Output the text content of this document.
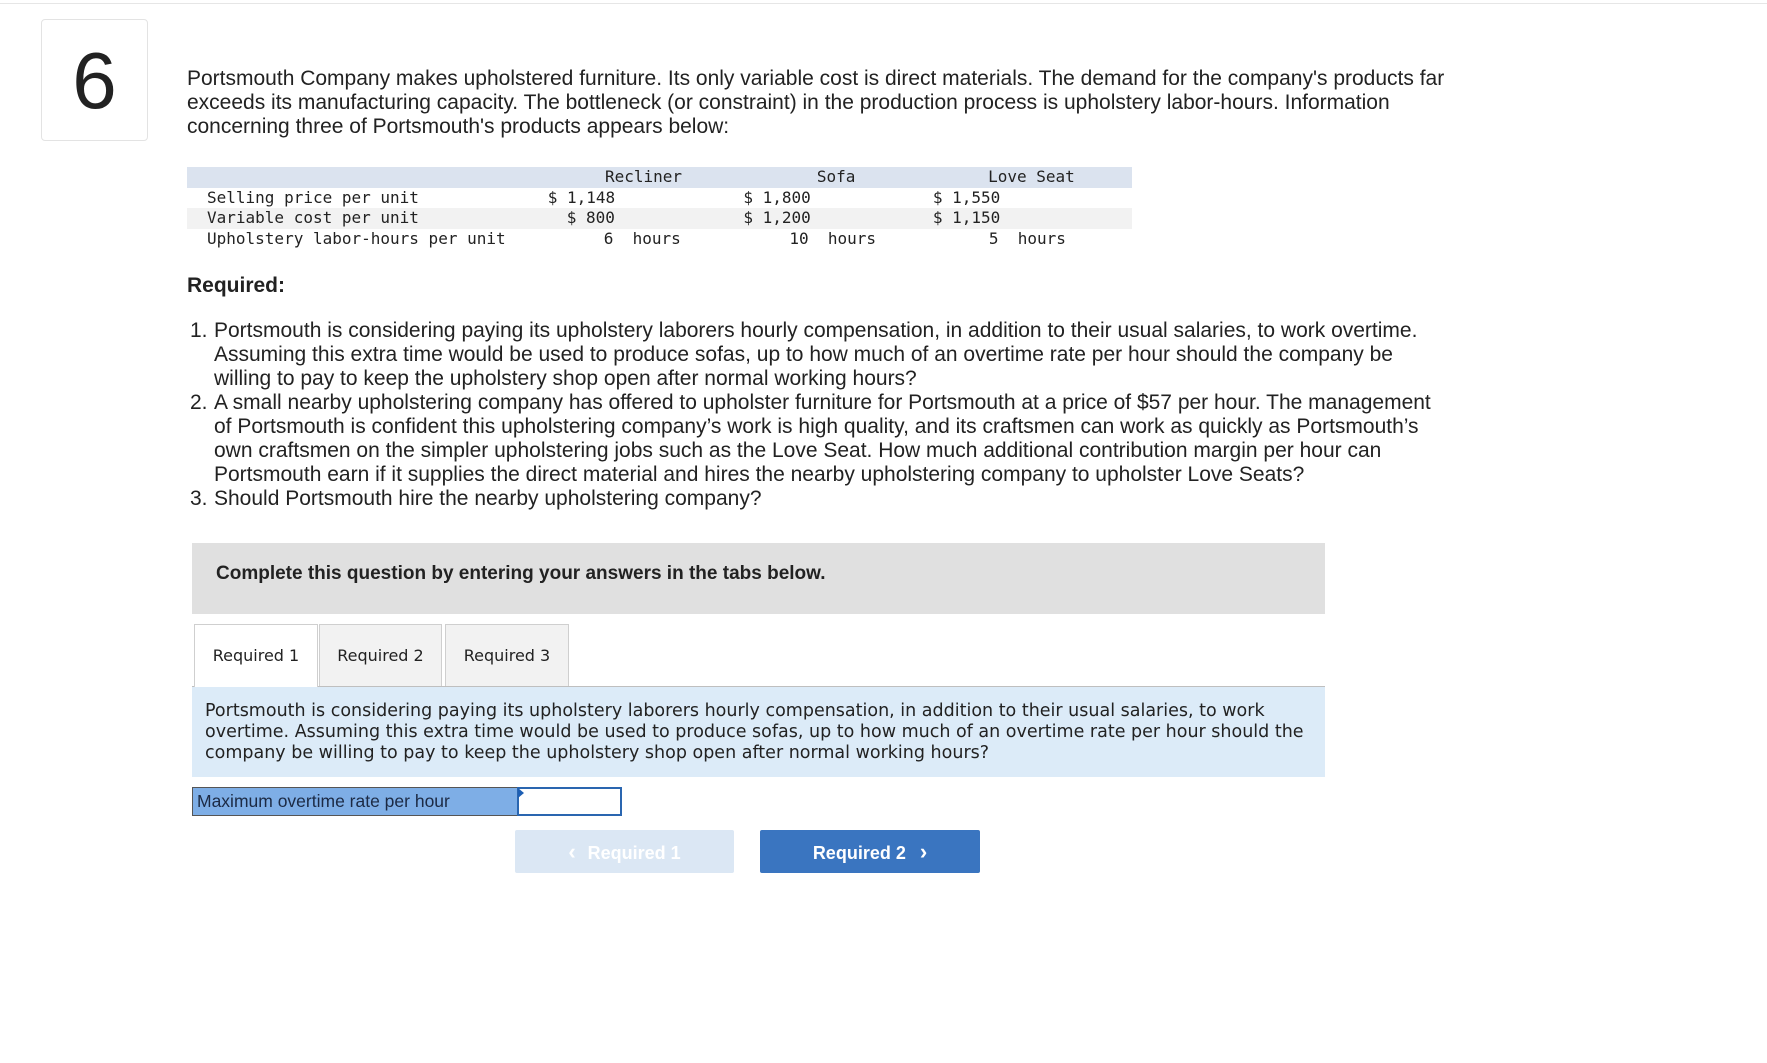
6	Portsmouth Company makes upholstered furniture. Its only variable cost is direct materials. The demand for the company's products far exceeds its manufacturing capacity. The bottleneck (or constraint) in the production process is upholstery labor-hours. Information concerning three of Portsmouth's products appears below:
	Recliner	Sofa	Love Seat
Selling price per unit	$ 1,148	$ 1,800	$ 1,550
Variable cost per unit	$ 800	$ 1,200	$ 1,150
Upholstery labor-hours per unit	6 hours	10 hours	5 hours
Required:
1. Portsmouth is considering paying its upholstery laborers hourly compensation, in addition to their usual salaries, to work overtime. Assuming this extra time would be used to produce sofas, up to how much of an overtime rate per hour should the company be willing to pay to keep the upholstery shop open after normal working hours?
2. A small nearby upholstering company has offered to upholster furniture for Portsmouth at a price of $57 per hour. The management of Portsmouth is confident this upholstering company’s work is high quality, and its craftsmen can work as quickly as Portsmouth’s own craftsmen on the simpler upholstering jobs such as the Love Seat. How much additional contribution margin per hour can Portsmouth earn if it supplies the direct material and hires the nearby upholstering company to upholster Love Seats?
3. Should Portsmouth hire the nearby upholstering company?
Complete this question by entering your answers in the tabs below.
Required 1	Required 2	Required 3
Portsmouth is considering paying its upholstery laborers hourly compensation, in addition to their usual salaries, to work overtime. Assuming this extra time would be used to produce sofas, up to how much of an overtime rate per hour should the company be willing to pay to keep the upholstery shop open after normal working hours?
Maximum overtime rate per hour
‹ Required 1	Required 2 ›
